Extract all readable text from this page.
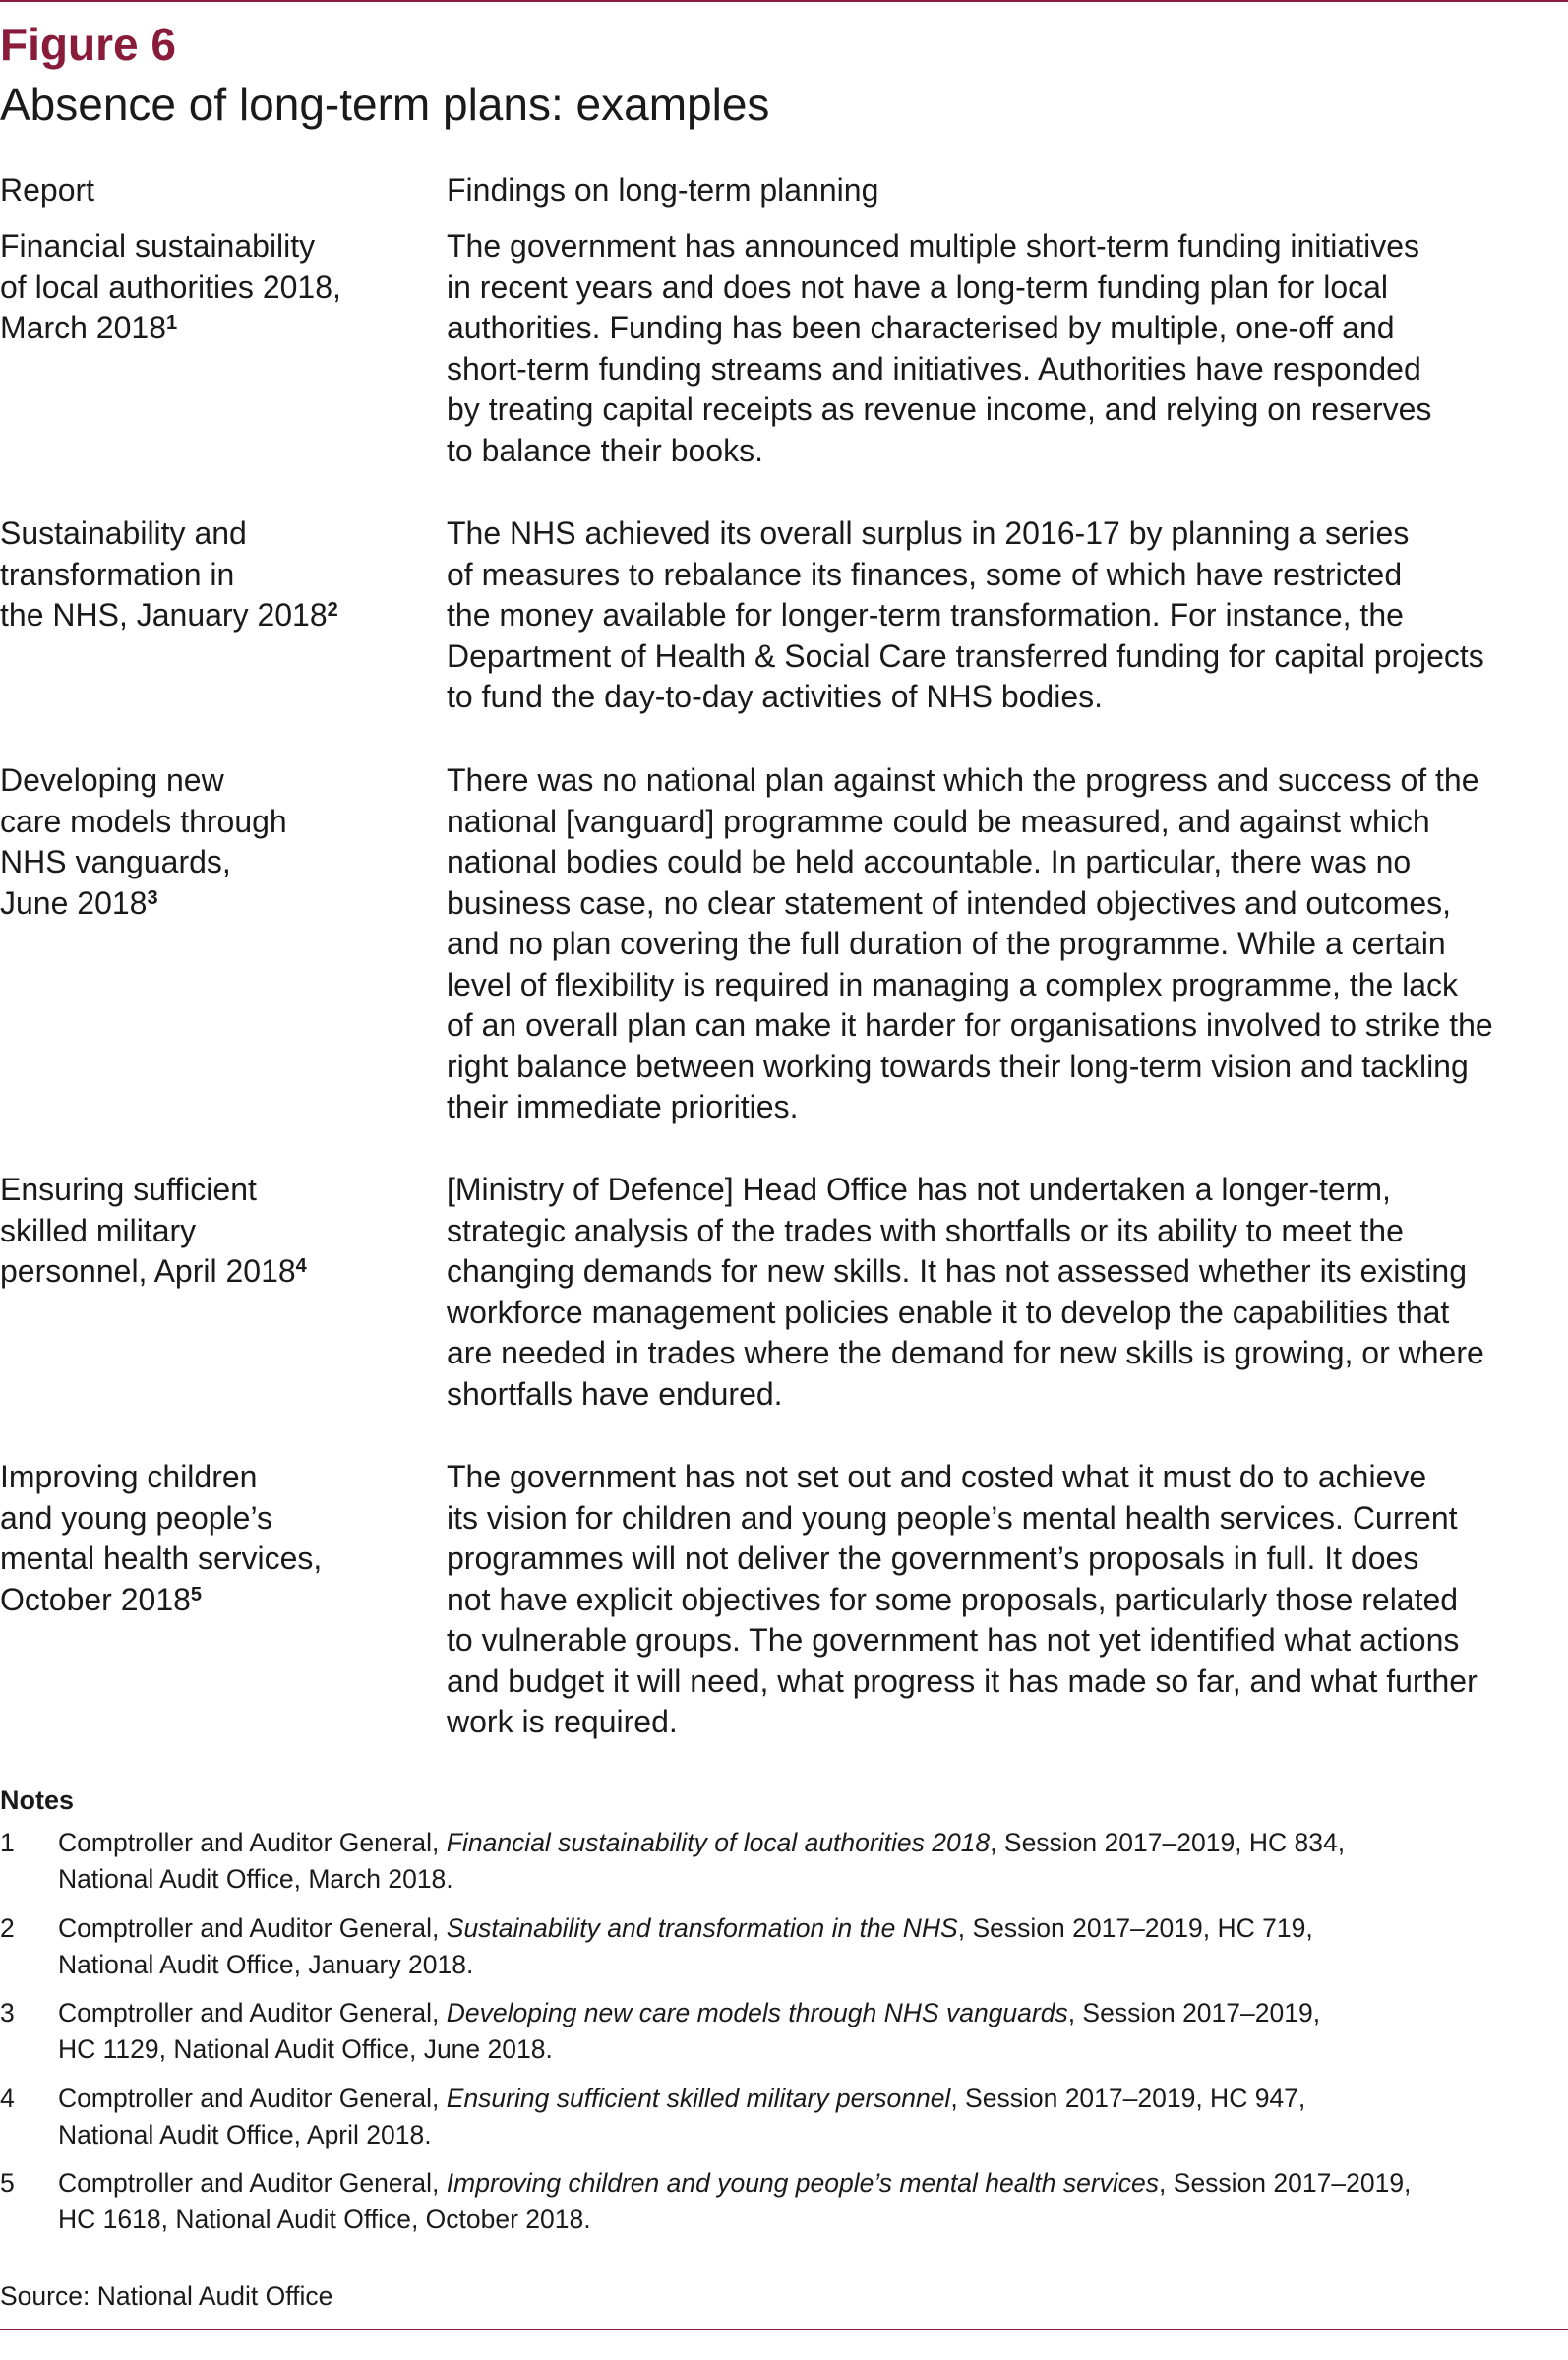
Figure 6
Absence of long-term plans: examples
Report	Findings on long-term planning
Financial sustainability
of local authorities 2018,
March 2018$^1$
The government has announced multiple short-term funding initiatives
in recent years and does not have a long-term funding plan for local
authorities. Funding has been characterised by multiple, one-off and
short-term funding streams and initiatives. Authorities have responded
by treating capital receipts as revenue income, and relying on reserves
to balance their books.
Sustainability and
transformation in
the NHS, January 2018$^2$
The NHS achieved its overall surplus in 2016-17 by planning a series
of measures to rebalance its finances, some of which have restricted
the money available for longer-term transformation. For instance, the
Department of Health & Social Care transferred funding for capital projects
to fund the day-to-day activities of NHS bodies.
Developing new
care models through
NHS vanguards,
June 2018$^3$
There was no national plan against which the progress and success of the
national [vanguard] programme could be measured, and against which
national bodies could be held accountable. In particular, there was no
business case, no clear statement of intended objectives and outcomes,
and no plan covering the full duration of the programme. While a certain
level of flexibility is required in managing a complex programme, the lack
of an overall plan can make it harder for organisations involved to strike the
right balance between working towards their long-term vision and tackling
their immediate priorities.
Ensuring sufficient
skilled military
personnel, April 2018$^4$
[Ministry of Defence] Head Office has not undertaken a longer-term,
strategic analysis of the trades with shortfalls or its ability to meet the
changing demands for new skills. It has not assessed whether its existing
workforce management policies enable it to develop the capabilities that
are needed in trades where the demand for new skills is growing, or where
shortfalls have endured.
Improving children
and young people’s
mental health services,
October 2018$^5$
The government has not set out and costed what it must do to achieve
its vision for children and young people’s mental health services. Current
programmes will not deliver the government’s proposals in full. It does
not have explicit objectives for some proposals, particularly those related
to vulnerable groups. The government has not yet identified what actions
and budget it will need, what progress it has made so far, and what further
work is required.
Notes
1 Comptroller and Auditor General, Financial sustainability of local authorities 2018, Session 2017–2019, HC 834,
National Audit Office, March 2018.
2 Comptroller and Auditor General, Sustainability and transformation in the NHS, Session 2017–2019, HC 719,
National Audit Office, January 2018.
3 Comptroller and Auditor General, Developing new care models through NHS vanguards, Session 2017–2019,
HC 1129, National Audit Office, June 2018.
4 Comptroller and Auditor General, Ensuring sufficient skilled military personnel, Session 2017–2019, HC 947,
National Audit Office, April 2018.
5 Comptroller and Auditor General, Improving children and young people’s mental health services, Session 2017–2019,
HC 1618, National Audit Office, October 2018.
Source: National Audit Office
